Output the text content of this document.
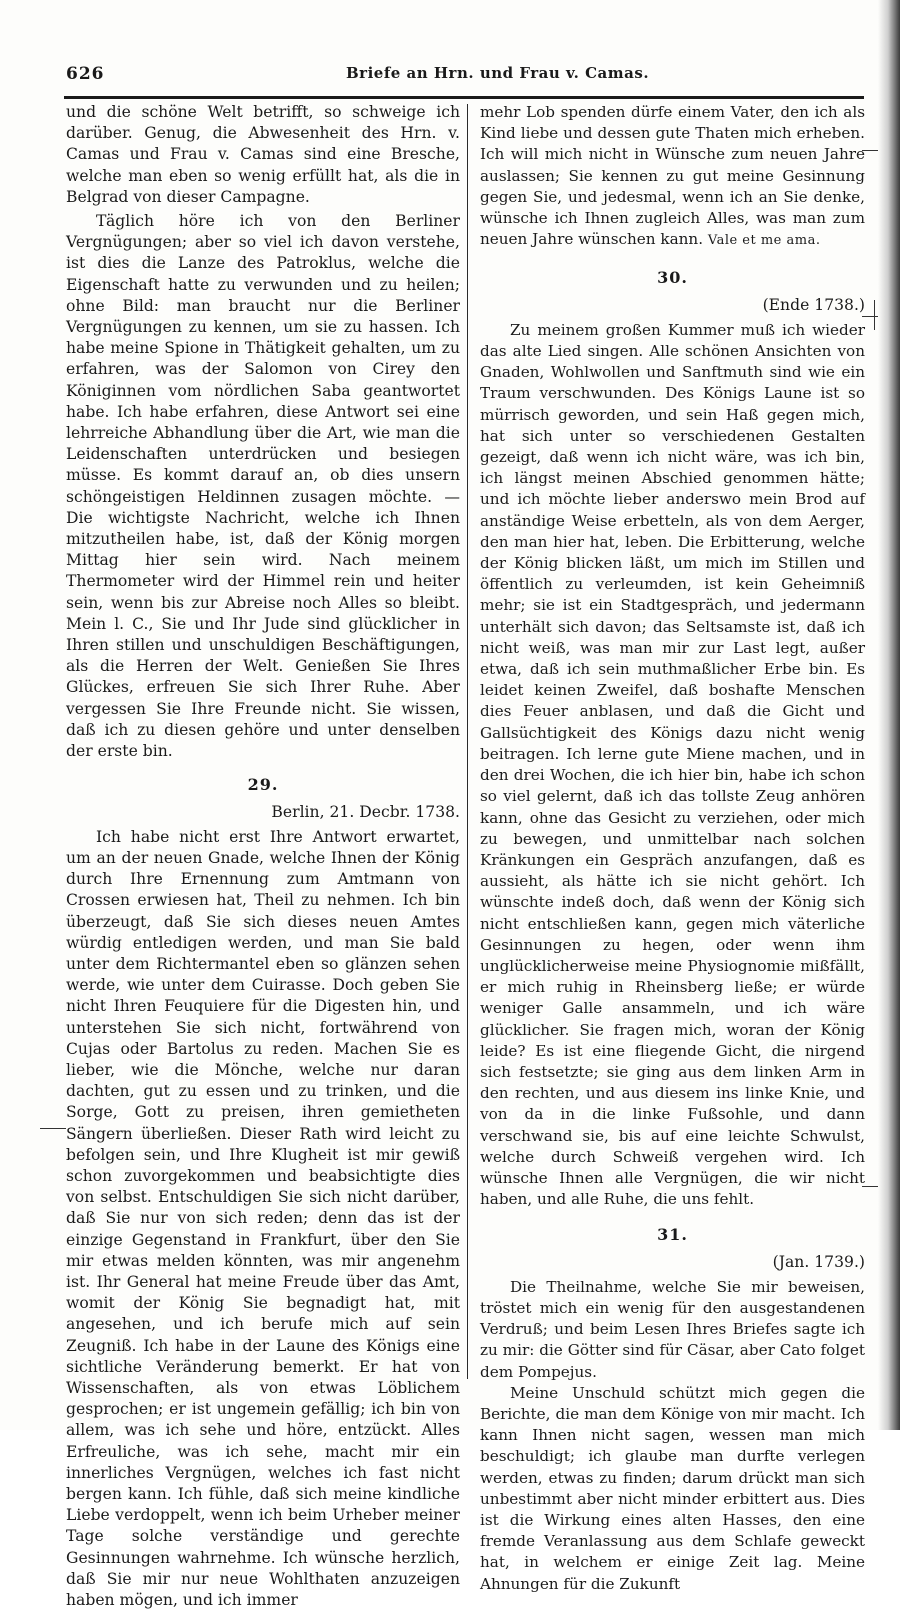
626	Briefe an Hrn. und Frau v. Camas.

und die schöne Welt betrifft, so schweige ich darüber. Genug, die Abwesenheit des Hrn. v. Camas und Frau v. Camas sind eine Bresche, welche man eben so wenig erfüllt hat, als die in Belgrad von dieser Campagne.

Täglich höre ich von den Berliner Vergnügungen; aber so viel ich davon verstehe, ist dies die Lanze des Patroklus, welche die Eigenschaft hatte zu verwunden und zu heilen; ohne Bild: man braucht nur die Berliner Vergnügungen zu kennen, um sie zu hassen. Ich habe meine Spione in Thätigkeit gehalten, um zu erfahren, was der Salomon von Cirey den Königinnen vom nördlichen Saba geantwortet habe. Ich habe erfahren, diese Antwort sei eine lehrreiche Abhandlung über die Art, wie man die Leidenschaften unterdrücken und besiegen müsse. Es kommt darauf an, ob dies unsern schöngeistigen Heldinnen zusagen möchte. — Die wichtigste Nachricht, welche ich Ihnen mitzutheilen habe, ist, daß der König morgen Mittag hier sein wird. Nach meinem Thermometer wird der Himmel rein und heiter sein, wenn bis zur Abreise noch Alles so bleibt. Mein l. C., Sie und Ihr Jude sind glücklicher in Ihren stillen und unschuldigen Beschäftigungen, als die Herren der Welt. Genießen Sie Ihres Glückes, erfreuen Sie sich Ihrer Ruhe. Aber vergessen Sie Ihre Freunde nicht. Sie wissen, daß ich zu diesen gehöre und unter denselben der erste bin.

29.
Berlin, 21. Decbr. 1738.

Ich habe nicht erst Ihre Antwort erwartet, um an der neuen Gnade, welche Ihnen der König durch Ihre Ernennung zum Amtmann von Crossen erwiesen hat, Theil zu nehmen. Ich bin überzeugt, daß Sie sich dieses neuen Amtes würdig entledigen werden, und man Sie bald unter dem Richtermantel eben so glänzen sehen werde, wie unter dem Cuirasse. Doch geben Sie nicht Ihren Feuquiere für die Digesten hin, und unterstehen Sie sich nicht, fortwährend von Cujas oder Bartolus zu reden. Machen Sie es lieber, wie die Mönche, welche nur daran dachten, gut zu essen und zu trinken, und die Sorge, Gott zu preisen, ihren gemietheten Sängern überließen. Dieser Rath wird leicht zu befolgen sein, und Ihre Klugheit ist mir gewiß schon zuvorgekommen und beabsichtigte dies von selbst. Entschuldigen Sie sich nicht darüber, daß Sie nur von sich reden; denn das ist der einzige Gegenstand in Frankfurt, über den Sie mir etwas melden könnten, was mir angenehm ist. Ihr General hat meine Freude über das Amt, womit der König Sie begnadigt hat, mit angesehen, und ich berufe mich auf sein Zeugniß. Ich habe in der Laune des Königs eine sichtliche Veränderung bemerkt. Er hat von Wissenschaften, als von etwas Löblichem gesprochen; er ist ungemein gefällig; ich bin von allem, was ich sehe und höre, entzückt. Alles Erfreuliche, was ich sehe, macht mir ein innerliches Vergnügen, welches ich fast nicht bergen kann. Ich fühle, daß sich meine kindliche Liebe verdoppelt, wenn ich beim Urheber meiner Tage solche verständige und gerechte Gesinnungen wahrnehme. Ich wünsche herzlich, daß Sie mir nur neue Wohlthaten anzuzeigen haben mögen, und ich immer

mehr Lob spenden dürfe einem Vater, den ich als Kind liebe und dessen gute Thaten mich erheben. Ich will mich nicht in Wünsche zum neuen Jahre auslassen; Sie kennen zu gut meine Gesinnung gegen Sie, und jedesmal, wenn ich an Sie denke, wünsche ich Ihnen zugleich Alles, was man zum neuen Jahre wünschen kann. Vale et me ama.

30.
(Ende 1738.)

Zu meinem großen Kummer muß ich wieder das alte Lied singen. Alle schönen Ansichten von Gnaden, Wohlwollen und Sanftmuth sind wie ein Traum verschwunden. Des Königs Laune ist so mürrisch geworden, und sein Haß gegen mich, hat sich unter so verschiedenen Gestalten gezeigt, daß wenn ich nicht wäre, was ich bin, ich längst meinen Abschied genommen hätte; und ich möchte lieber anderswo mein Brod auf anständige Weise erbetteln, als von dem Aerger, den man hier hat, leben. Die Erbitterung, welche der König blicken läßt, um mich im Stillen und öffentlich zu verleumden, ist kein Geheimniß mehr; sie ist ein Stadtgespräch, und jedermann unterhält sich davon; das Seltsamste ist, daß ich nicht weiß, was man mir zur Last legt, außer etwa, daß ich sein muthmaßlicher Erbe bin. Es leidet keinen Zweifel, daß boshafte Menschen dies Feuer anblasen, und daß die Gicht und Gallsüchtigkeit des Königs dazu nicht wenig beitragen. Ich lerne gute Miene machen, und in den drei Wochen, die ich hier bin, habe ich schon so viel gelernt, daß ich das tollste Zeug anhören kann, ohne das Gesicht zu verziehen, oder mich zu bewegen, und unmittelbar nach solchen Kränkungen ein Gespräch anzufangen, daß es aussieht, als hätte ich sie nicht gehört. Ich wünschte indeß doch, daß wenn der König sich nicht entschließen kann, gegen mich väterliche Gesinnungen zu hegen, oder wenn ihm unglücklicherweise meine Physiognomie mißfällt, er mich ruhig in Rheinsberg ließe; er würde weniger Galle ansammeln, und ich wäre glücklicher. Sie fragen mich, woran der König leide? Es ist eine fliegende Gicht, die nirgend sich festsetzte; sie ging aus dem linken Arm in den rechten, und aus diesem ins linke Knie, und von da in die linke Fußsohle, und dann verschwand sie, bis auf eine leichte Schwulst, welche durch Schweiß vergehen wird. Ich wünsche Ihnen alle Vergnügen, die wir nicht haben, und alle Ruhe, die uns fehlt.

31.
(Jan. 1739.)

Die Theilnahme, welche Sie mir beweisen, tröstet mich ein wenig für den ausgestandenen Verdruß; und beim Lesen Ihres Briefes sagte ich zu mir: die Götter sind für Cäsar, aber Cato folget dem Pompejus.

Meine Unschuld schützt mich gegen die Berichte, die man dem Könige von mir macht. Ich kann Ihnen nicht sagen, wessen man mich beschuldigt; ich glaube man durfte verlegen werden, etwas zu finden; darum drückt man sich unbestimmt aber nicht minder erbittert aus. Dies ist die Wirkung eines alten Hasses, den eine fremde Veranlassung aus dem Schlafe geweckt hat, in welchem er einige Zeit lag. Meine Ahnungen für die Zukunft
